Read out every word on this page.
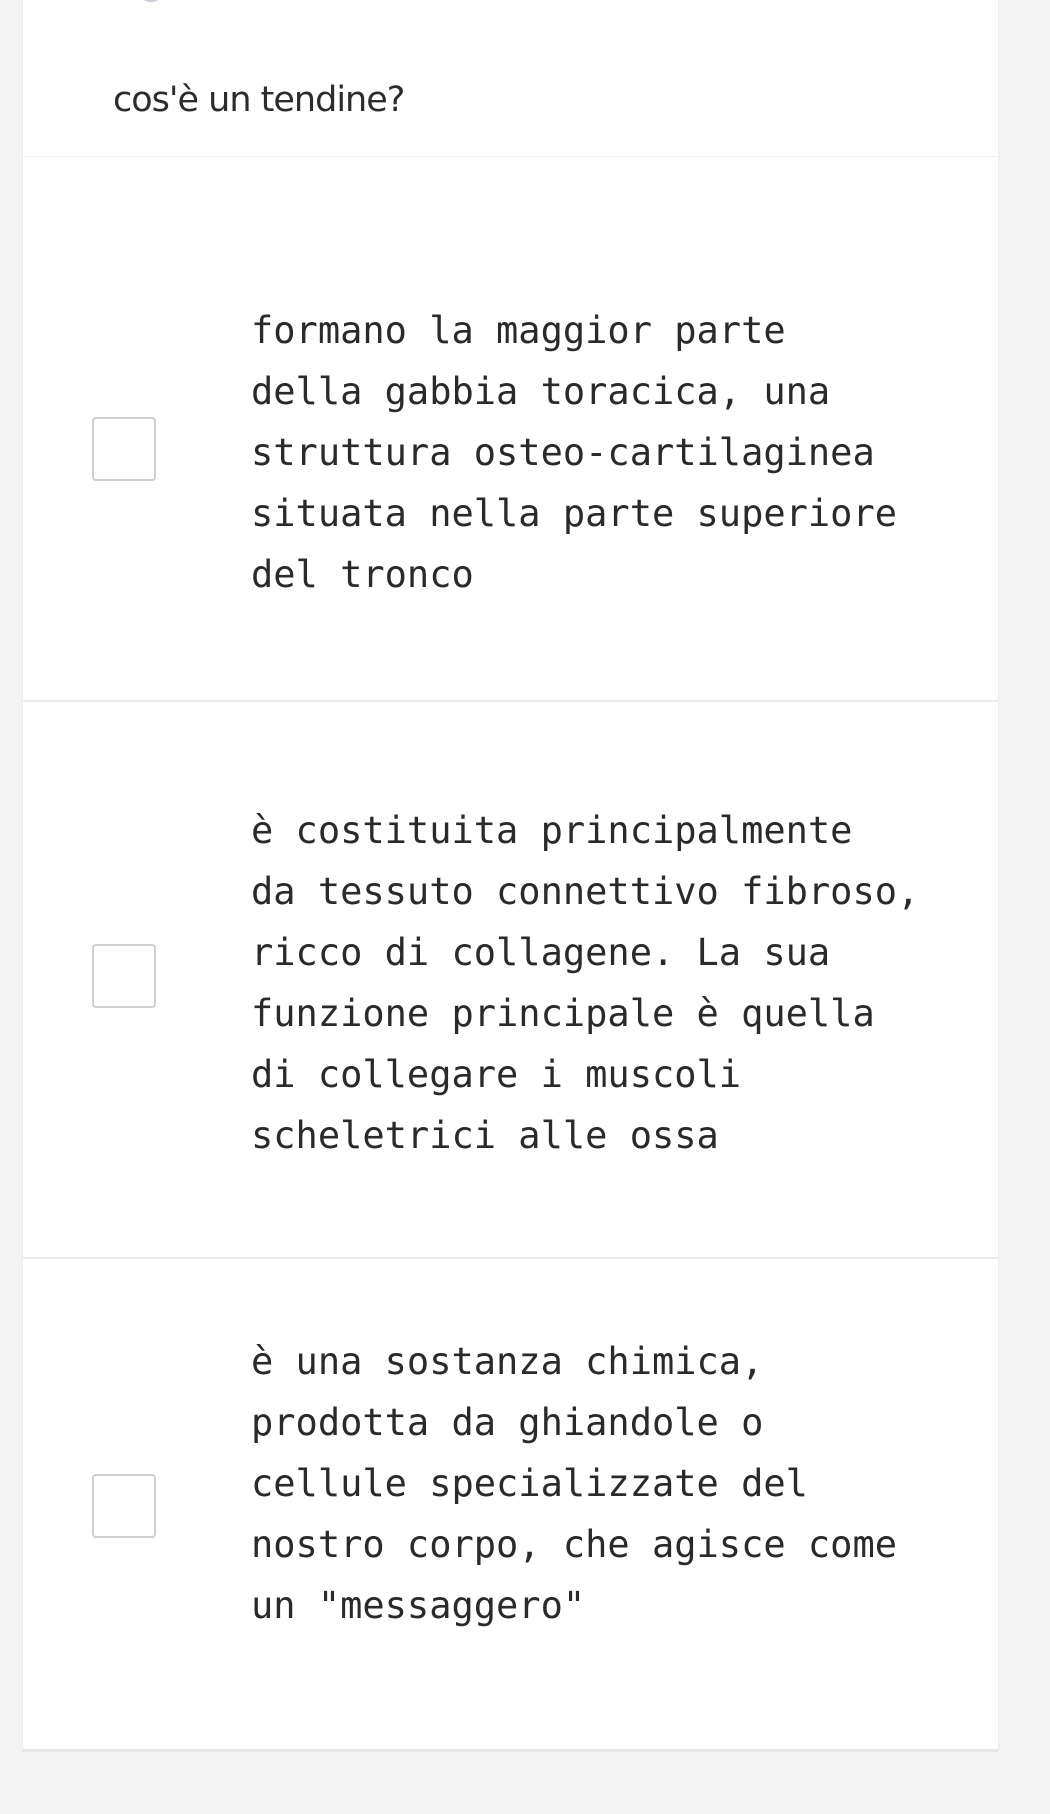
cos'è un tendine?

formano la maggior parte
della gabbia toracica, una
struttura osteo-cartilaginea
situata nella parte superiore
del tronco

è costituita principalmente
da tessuto connettivo fibroso,
ricco di collagene. La sua
funzione principale è quella
di collegare i muscoli
scheletrici alle ossa

è una sostanza chimica,
prodotta da ghiandole o
cellule specializzate del
nostro corpo, che agisce come
un "messaggero"
